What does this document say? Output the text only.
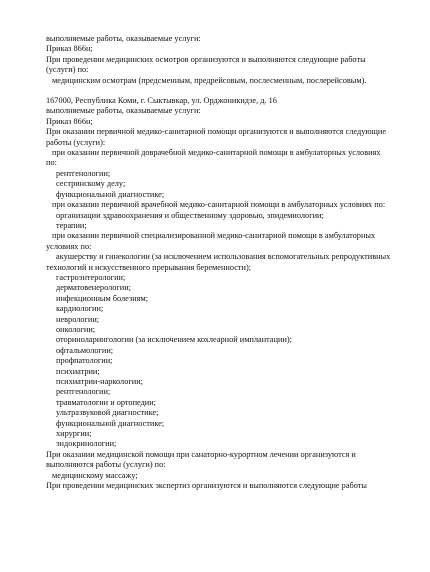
выполняемые работы, оказываемые услуги:
Приказ 866н;
При проведении медицинских осмотров организуются и выполняются следующие работы
(услуги) по:
медицинским осмотрам (предсменным, предрейсовым, послесменным, послерейсовым).
167000, Республика Коми, г. Сыктывкар, ул. Орджоникидзе, д. 16
выполняемые работы, оказываемые услуги:
Приказ 866н;
При оказании первичной медико-санитарной помощи организуются и выполняются следующие
работы (услуги):
при оказании первичной доврачебной медико-санитарной помощи в амбулаторных условиях
по:
рентгенологии;
сестринскому делу;
функциональной диагностике;
при оказании первичной врачебной медико-санитарной помощи в амбулаторных условиях по:
организации здравоохранения и общественному здоровью, эпидемиологии;
терапии;
при оказании первичной специализированной медико-санитарной помощи в амбулаторных
условиях по:
акушерству и гинекологии (за исключением использования вспомогательных репродуктивных
технологий и искусственного прерывания беременности);
гастроэнтерологии;
дерматовенерологии;
инфекционным болезням;
кардиологии;
неврологии;
онкологии;
оториноларингологии (за исключением кохлеарной имплантации);
офтальмологии;
профпатологии;
психиатрии;
психиатрии-наркологии;
рентгенологии;
травматологии и ортопедии;
ультразвуковой диагностике;
функциональной диагностике;
хирургии;
эндокринологии;
При оказании медицинской помощи при санаторно-курортном лечении организуются и
выполняются работы (услуги) по:
медицинскому массажу;
При проведении медицинских экспертиз организуются и выполняются следующие работы
